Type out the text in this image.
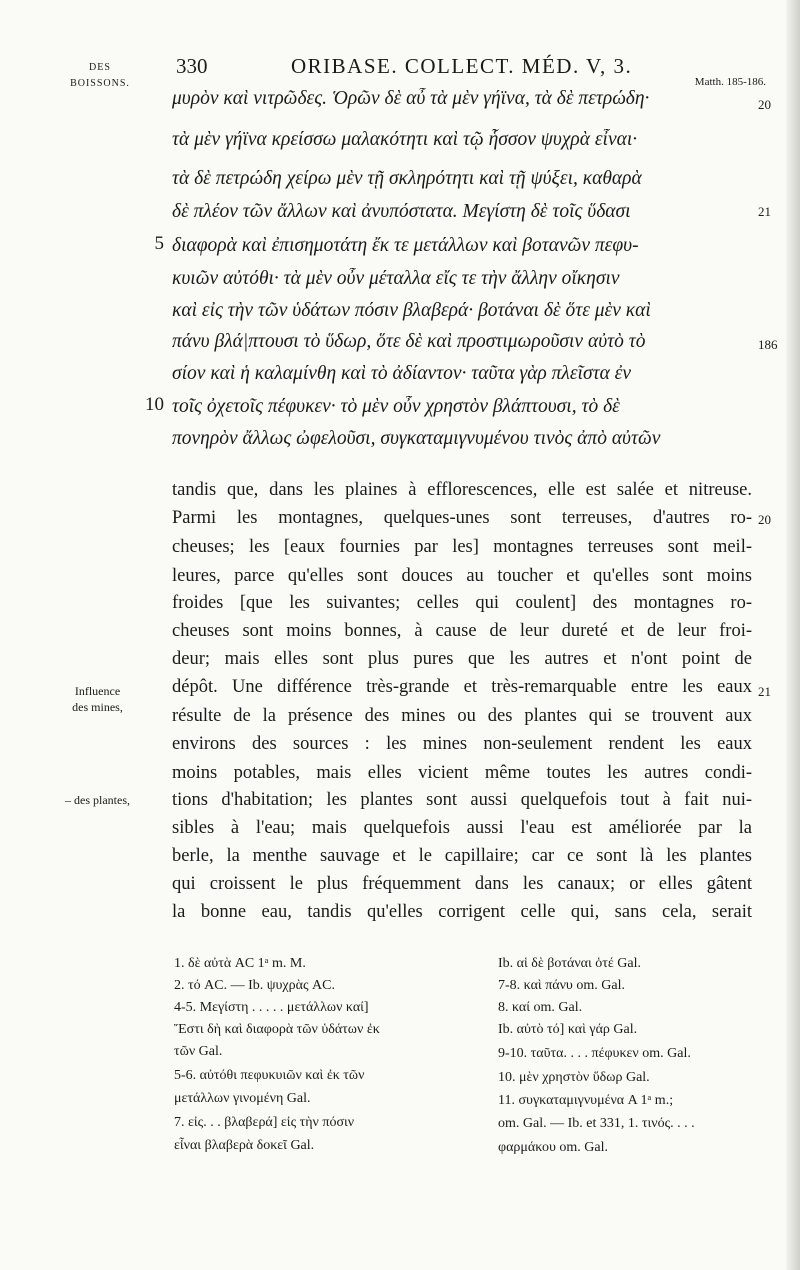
DES
BOISSONS.
330	ORIBASE. COLLECT. MÉD. V, 3.
Matth. 185-186.
μυρὸν καὶ νιτρῶδες. Ὁρῶν δὲ αὖ τὰ μὲν γήϊνα, τὰ δὲ πετρώδη·
τὰ μὲν γήϊνα κρείσσω μαλακότητι καὶ τῷ ἧσσον ψυχρὰ εἶναι·
τὰ δὲ πετρώδη χείρω μὲν τῇ σκληρότητι καὶ τῇ ψύξει, καθαρὰ
δὲ πλέον τῶν ἄλλων καὶ ἀνυπόστατα. Μεγίστη δὲ τοῖς ὕδασι
διαφορὰ καὶ ἐπισημοτάτη ἔκ τε μετάλλων καὶ βοτανῶν πεφυ-
κυιῶν αὐτόθι· τὰ μὲν οὖν μέταλλα εἴς τε τὴν ἄλλην οἴκησιν
καὶ εἰς τὴν τῶν ὑδάτων πόσιν βλαβερά· βοτάναι δὲ ὅτε μὲν καὶ
πάνυ βλά|πτουσι τὸ ὕδωρ, ὅτε δὲ καὶ προστιμωροῦσιν αὐτὸ τὸ
σίον καὶ ἡ καλαμίνθη καὶ τὸ ἀδίαντον· ταῦτα γὰρ πλεῖστα ἐν
τοῖς ὀχετοῖς πέφυκεν· τὸ μὲν οὖν χρηστὸν βλάπτουσι, τὸ δὲ
πονηρὸν ἄλλως ὠφελοῦσι, συγκαταμιγνυμένου τινὸς ἀπὸ αὐτῶν
5
10
20
21
186
tandis que, dans les plaines à efflorescences, elle est salée et nitreuse.
Parmi les montagnes, quelques-unes sont terreuses, d'autres ro-
cheuses; les [eaux fournies par les] montagnes terreuses sont meil-
leures, parce qu'elles sont douces au toucher et qu'elles sont moins
froides [que les suivantes; celles qui coulent] des montagnes ro-
cheuses sont moins bonnes, à cause de leur dureté et de leur froi-
deur; mais elles sont plus pures que les autres et n'ont point de
dépôt. Une différence très-grande et très-remarquable entre les eaux
résulte de la présence des mines ou des plantes qui se trouvent aux
environs des sources : les mines non-seulement rendent les eaux
moins potables, mais elles vicient même toutes les autres condi-
tions d'habitation; les plantes sont aussi quelquefois tout à fait nui-
sibles à l'eau; mais quelquefois aussi l'eau est améliorée par la
berle, la menthe sauvage et le capillaire; car ce sont là les plantes
qui croissent le plus fréquemment dans les canaux; or elles gâtent
la bonne eau, tandis qu'elles corrigent celle qui, sans cela, serait
20
21
Influence
des mines,
– des plantes,
1. δὲ αὐτὰ AC 1ᵃ m. M.
2. τό AC. — Ib. ψυχρὰς AC.
4-5. Μεγίστη . . . . . μετάλλων καί]
Ἔστι δὴ καὶ διαφορὰ τῶν ὑδάτων ἐκ
τῶν Gal.
5-6. αὐτόθι πεφυκυιῶν καὶ ἐκ τῶν
μετάλλων γινομένη Gal.
7. εἰς. . . βλαβερά] εἰς τὴν πόσιν
εἶναι βλαβερὰ δοκεῖ Gal.
Ib. αἱ δὲ βοτάναι ὁτέ Gal.
7-8. καὶ πάνυ om. Gal.
8. καί om. Gal.
Ib. αὐτὸ τό] καὶ γάρ Gal.
9-10. ταῦτα. . . . πέφυκεν om. Gal.
10. μὲν χρηστὸν ὕδωρ Gal.
11. συγκαταμιγνυμένα A 1ᵃ m.;
om. Gal. — Ib. et 331, 1. τινός. . . .
φαρμάκου om. Gal.
